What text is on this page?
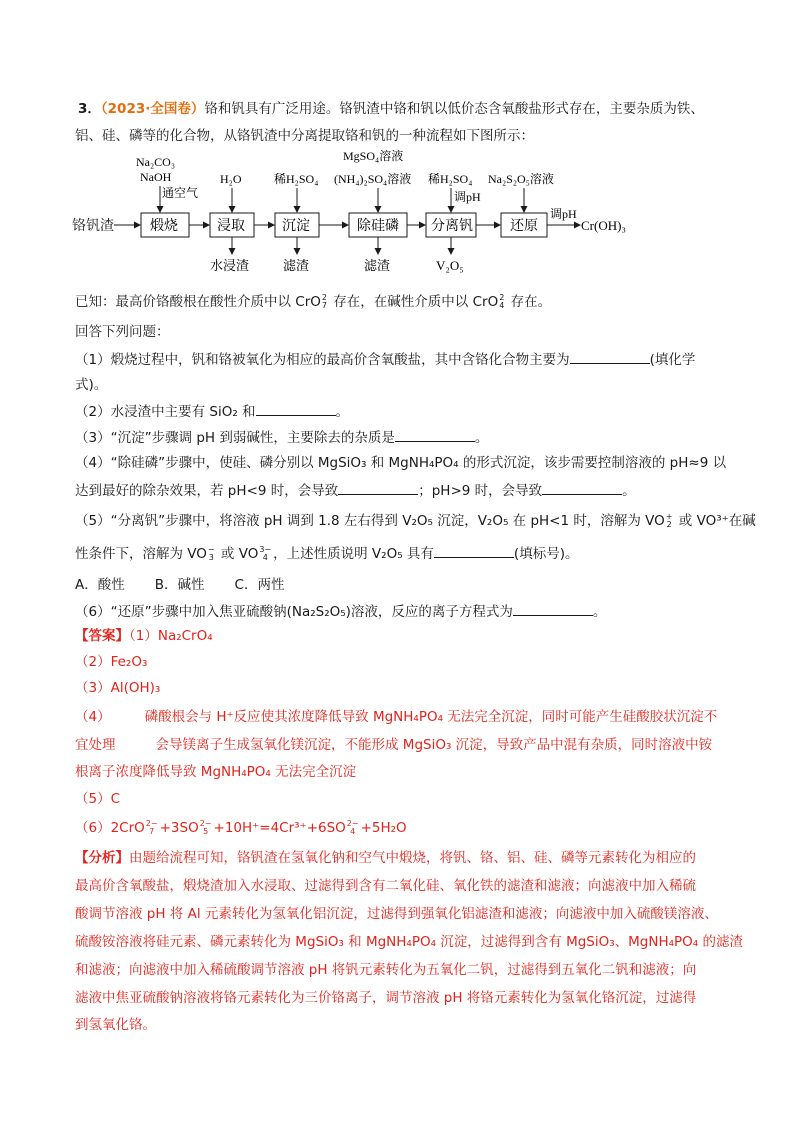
3．（2023·全国卷）铬和钒具有广泛用途。铬钒渣中铬和钒以低价态含氧酸盐形式存在，主要杂质为铁、
铝、硅、磷等的化合物，从铬钒渣中分离提取铬和钒的一种流程如下图所示：
铬钒渣	煅烧	浸取	沉淀	除硅磷 分离钒	还原
调pH
Cr(OH)₃
Na₂CO₃
NaOH
通空气
H₂O	稀H₂SO₄
MgSO₄溶液
(NH₄)₂SO₄溶液 稀H₂SO₄
调pH
Na₂S₂O₅溶液
水浸渣	滤渣	滤渣	V₂O₅
已知：最高价铬酸根在酸性介质中以 CrO 2
7 存在，在碱性介质中以 CrO 2
4 存在。
回答下列问题：
（1）煅烧过程中，钒和铬被氧化为相应的最高价含氧酸盐，其中含铬化合物主要为	(填化学
式)。
（2）水浸渣中主要有 SiO₂ 和	。
（3）“沉淀”步骤调 pH 到弱碱性，主要除去的杂质是	。
（4）“除硅磷”步骤中，使硅、磷分别以 MgSiO₃ 和 MgNH₄PO₄ 的形式沉淀，该步需要控制溶液的 pH≈9 以
达到最好的除杂效果，若 pH<9 时，会导致	；pH>9 时，会导致	。
（5）“分离钒”步骤中，将溶液 pH 调到 1.8 左右得到 V₂O₅ 沉淀，V₂O₅ 在 pH<1 时，溶解为 VO +
2 或 VO³⁺在碱
性条件下，溶解为 VO −
3 或 VO 3−
4 ，上述性质说明 V₂O₅ 具有	(填标号)。
A．酸性 B．碱性 C．两性
（6）“还原”步骤中加入焦亚硫酸钠(Na₂S₂O₅)溶液，反应的离子方程式为	。
【答案】（1）Na₂CrO₄
（2）Fe₂O₃
（3）Al(OH)₃
（4）	磷酸根会与 H⁺反应使其浓度降低导致 MgNH₄PO₄ 无法完全沉淀，同时可能产生硅酸胶状沉淀不
宜处理	会导镁离子生成氢氧化镁沉淀，不能形成 MgSiO₃ 沉淀，导致产品中混有杂质，同时溶液中铵
根离子浓度降低导致 MgNH₄PO₄ 无法完全沉淀
（5）C
（6）2CrO 2−
7 +3SO 2−
5 +10H⁺=4Cr³⁺+6SO 2−
4 +5H₂O
【分析】由题给流程可知，铬钒渣在氢氧化钠和空气中煅烧，将钒、铬、铝、硅、磷等元素转化为相应的
最高价含氧酸盐，煅烧渣加入水浸取、过滤得到含有二氧化硅、氧化铁的滤渣和滤液；向滤液中加入稀硫
酸调节溶液 pH 将 Al 元素转化为氢氧化铝沉淀，过滤得到强氧化铝滤渣和滤液；向滤液中加入硫酸镁溶液、
硫酸铵溶液将硅元素、磷元素转化为 MgSiO₃ 和 MgNH₄PO₄ 沉淀，过滤得到含有 MgSiO₃、MgNH₄PO₄ 的滤渣
和滤液；向滤液中加入稀硫酸调节溶液 pH 将钒元素转化为五氧化二钒，过滤得到五氧化二钒和滤液；向
滤液中焦亚硫酸钠溶液将铬元素转化为三价铬离子，调节溶液 pH 将铬元素转化为氢氧化铬沉淀，过滤得
到氢氧化铬。
